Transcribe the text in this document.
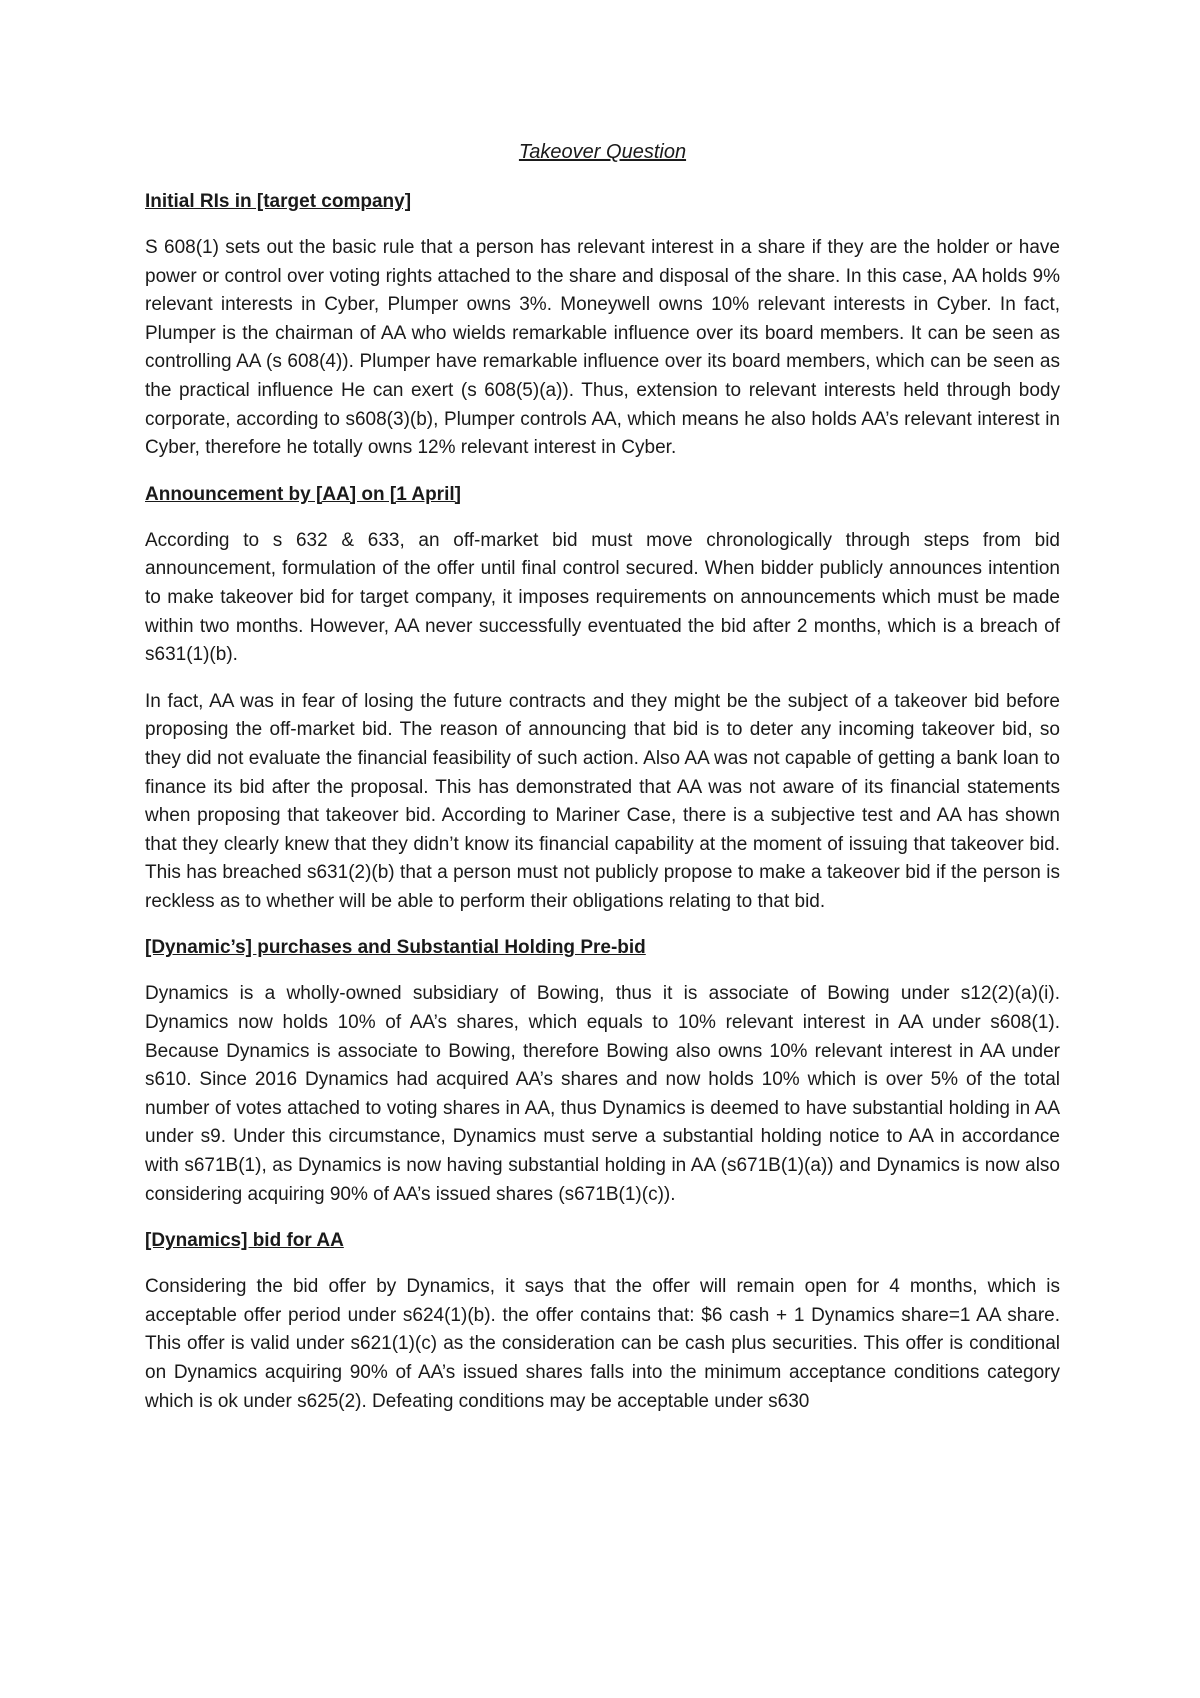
Takeover Question
Initial RIs in [target company]

S 608(1) sets out the basic rule that a person has relevant interest in a share if they are the holder or have power or control over voting rights attached to the share and disposal of the share. In this case, AA holds 9% relevant interests in Cyber, Plumper owns 3%. Moneywell owns 10% relevant interests in Cyber. In fact, Plumper is the chairman of AA who wields remarkable influence over its board members. It can be seen as controlling AA (s 608(4)). Plumper have remarkable influence over its board members, which can be seen as the practical influence He can exert (s 608(5)(a)). Thus, extension to relevant interests held through body corporate, according to s608(3)(b), Plumper controls AA, which means he also holds AA’s relevant interest in Cyber, therefore he totally owns 12% relevant interest in Cyber.

Announcement by [AA] on [1 April]

According to s 632 & 633, an off-market bid must move chronologically through steps from bid announcement, formulation of the offer until final control secured. When bidder publicly announces intention to make takeover bid for target company, it imposes requirements on announcements which must be made within two months. However, AA never successfully eventuated the bid after 2 months, which is a breach of s631(1)(b).

In fact, AA was in fear of losing the future contracts and they might be the subject of a takeover bid before proposing the off-market bid. The reason of announcing that bid is to deter any incoming takeover bid, so they did not evaluate the financial feasibility of such action. Also AA was not capable of getting a bank loan to finance its bid after the proposal. This has demonstrated that AA was not aware of its financial statements when proposing that takeover bid. According to Mariner Case, there is a subjective test and AA has shown that they clearly knew that they didn’t know its financial capability at the moment of issuing that takeover bid. This has breached s631(2)(b) that a person must not publicly propose to make a takeover bid if the person is reckless as to whether will be able to perform their obligations relating to that bid.

[Dynamic’s] purchases and Substantial Holding Pre-bid

Dynamics is a wholly-owned subsidiary of Bowing, thus it is associate of Bowing under s12(2)(a)(i). Dynamics now holds 10% of AA’s shares, which equals to 10% relevant interest in AA under s608(1). Because Dynamics is associate to Bowing, therefore Bowing also owns 10% relevant interest in AA under s610. Since 2016 Dynamics had acquired AA’s shares and now holds 10% which is over 5% of the total number of votes attached to voting shares in AA, thus Dynamics is deemed to have substantial holding in AA under s9. Under this circumstance, Dynamics must serve a substantial holding notice to AA in accordance with s671B(1), as Dynamics is now having substantial holding in AA (s671B(1)(a)) and Dynamics is now also considering acquiring 90% of AA’s issued shares (s671B(1)(c)).

[Dynamics] bid for AA

Considering the bid offer by Dynamics, it says that the offer will remain open for 4 months, which is acceptable offer period under s624(1)(b). the offer contains that: $6 cash + 1 Dynamics share=1 AA share. This offer is valid under s621(1)(c) as the consideration can be cash plus securities. This offer is conditional on Dynamics acquiring 90% of AA’s issued shares falls into the minimum acceptance conditions category which is ok under s625(2). Defeating conditions may be acceptable under s630
